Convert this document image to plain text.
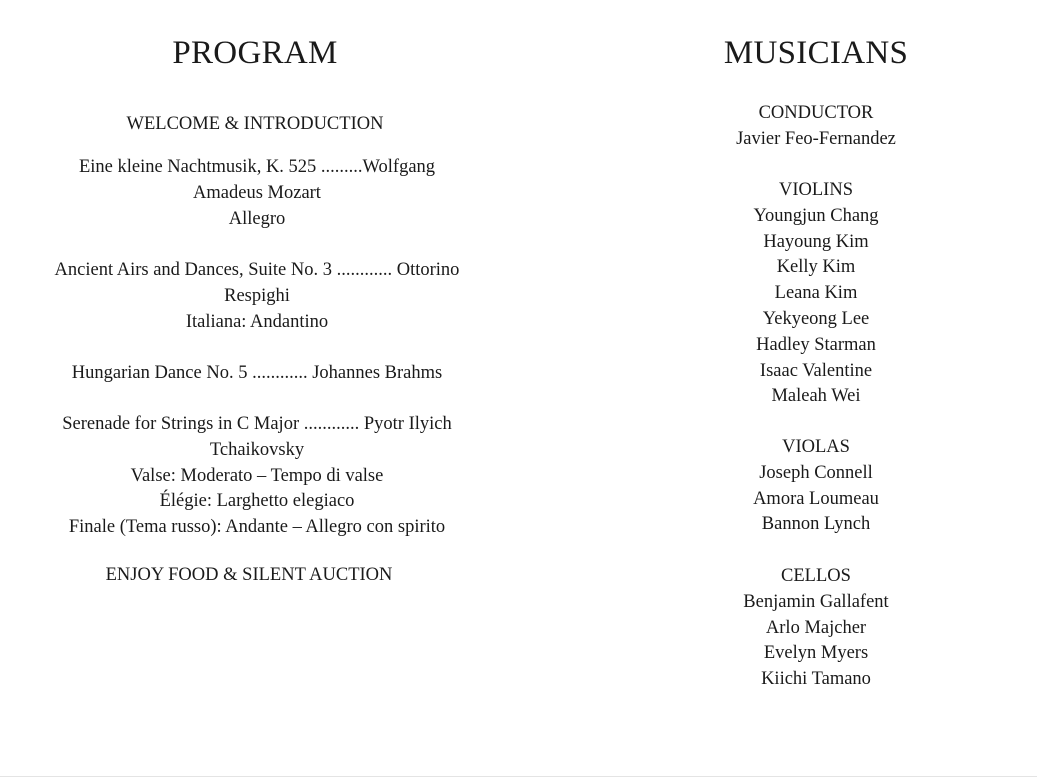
PROGRAM
WELCOME & INTRODUCTION
Eine kleine Nachtmusik, K. 525 .........Wolfgang
Amadeus Mozart
Allegro
Ancient Airs and Dances, Suite No. 3 ............ Ottorino
Respighi
Italiana: Andantino
Hungarian Dance No. 5 ............ Johannes Brahms
Serenade for Strings in C Major ............ Pyotr Ilyich
Tchaikovsky
Valse: Moderato – Tempo di valse
Élégie: Larghetto elegiaco
Finale (Tema russo): Andante – Allegro con spirito
ENJOY FOOD & SILENT AUCTION
MUSICIANS
CONDUCTOR
Javier Feo-Fernandez
VIOLINS
Youngjun Chang
Hayoung Kim
Kelly Kim
Leana Kim
Yekyeong Lee
Hadley Starman
Isaac Valentine
Maleah Wei
VIOLAS
Joseph Connell
Amora Loumeau
Bannon Lynch
CELLOS
Benjamin Gallafent
Arlo Majcher
Evelyn Myers
Kiichi Tamano
